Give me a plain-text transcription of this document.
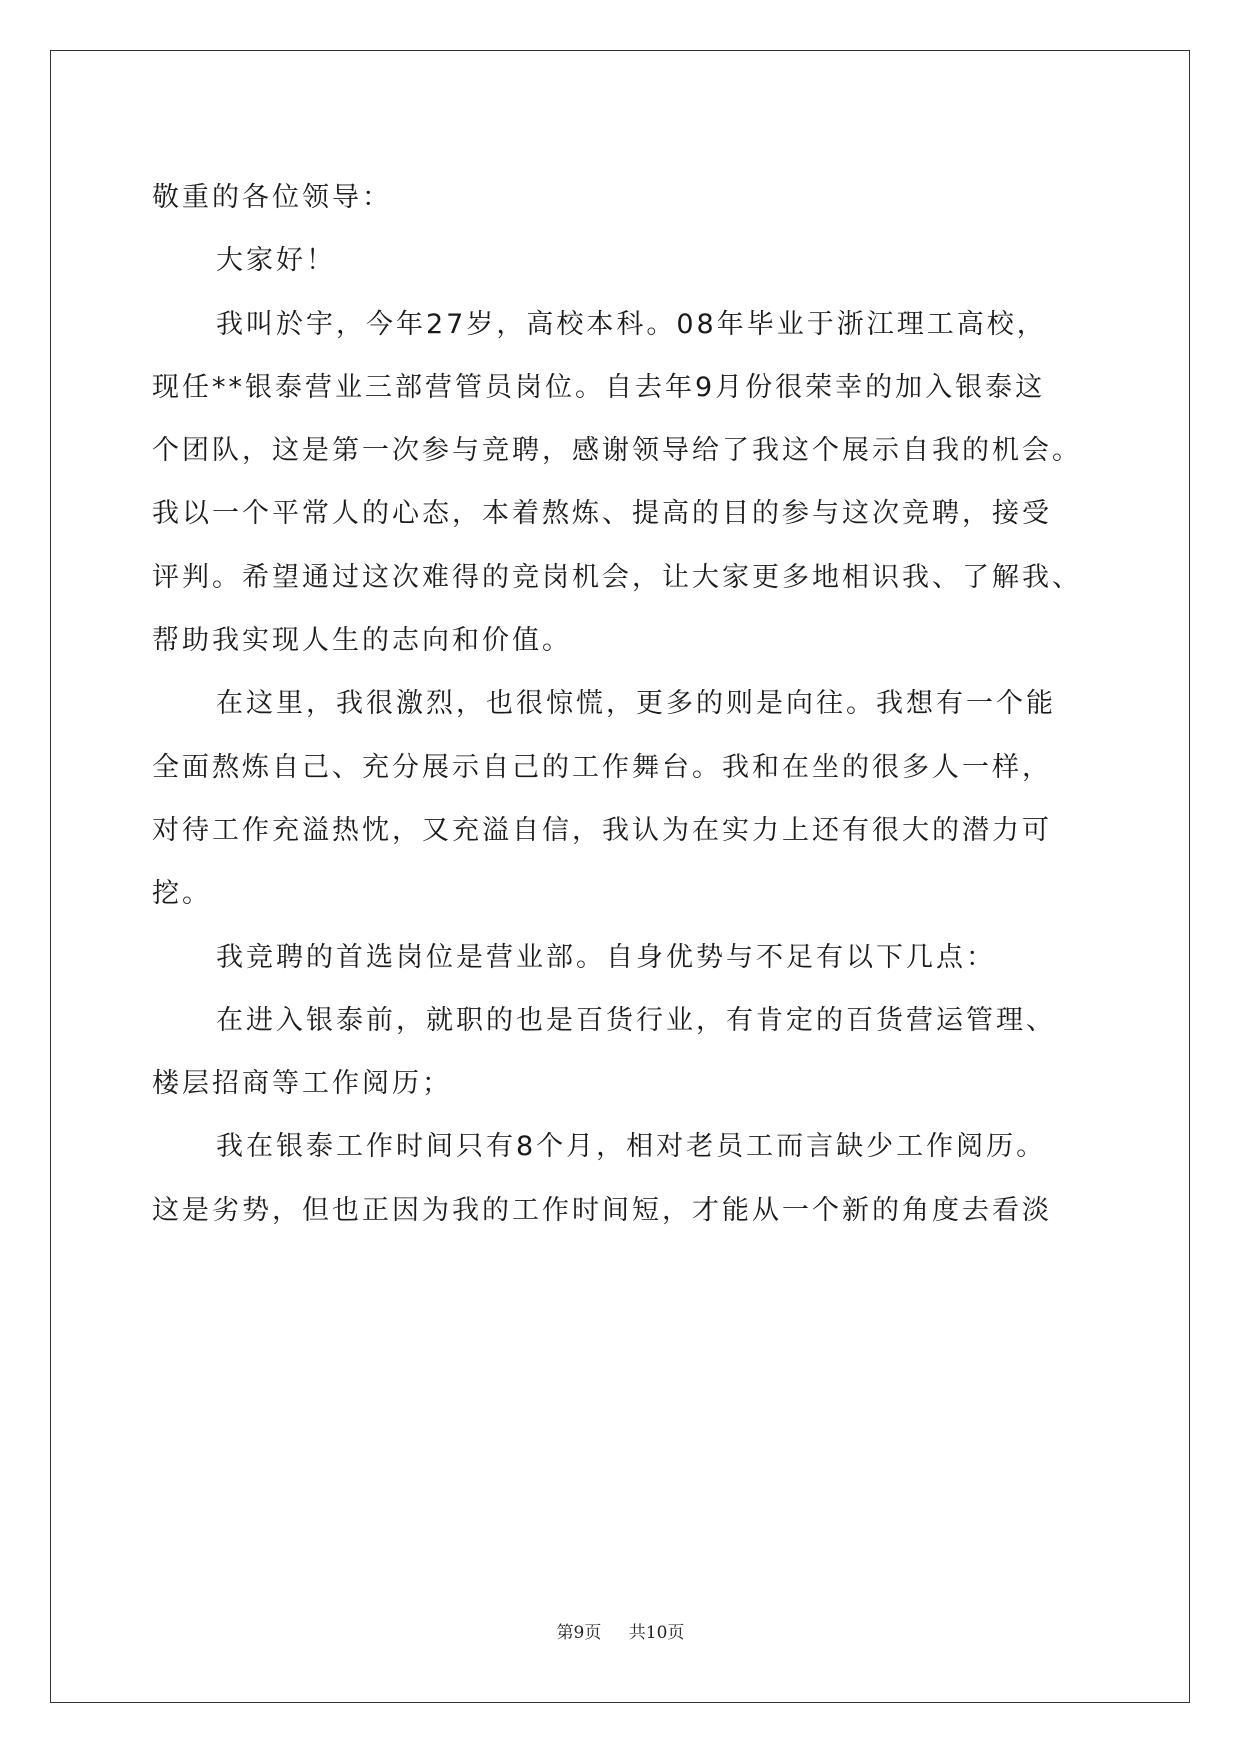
敬重的各位领导：

大家好！

我叫於宇，今年27岁，高校本科。08年毕业于浙江理工高校，

现任**银泰营业三部营管员岗位。自去年9月份很荣幸的加入银泰这

个团队，这是第一次参与竞聘，感谢领导给了我这个展示自我的机会。

我以一个平常人的心态，本着熬炼、提高的目的参与这次竞聘，接受

评判。希望通过这次难得的竞岗机会，让大家更多地相识我、了解我、

帮助我实现人生的志向和价值。

在这里，我很激烈，也很惊慌，更多的则是向往。我想有一个能

全面熬炼自己、充分展示自己的工作舞台。我和在坐的很多人一样，

对待工作充溢热忱，又充溢自信，我认为在实力上还有很大的潜力可

挖。

我竞聘的首选岗位是营业部。自身优势与不足有以下几点：

在进入银泰前，就职的也是百货行业，有肯定的百货营运管理、

楼层招商等工作阅历；

我在银泰工作时间只有8个月，相对老员工而言缺少工作阅历。

这是劣势，但也正因为我的工作时间短，才能从一个新的角度去看淡

第9页 共10页
